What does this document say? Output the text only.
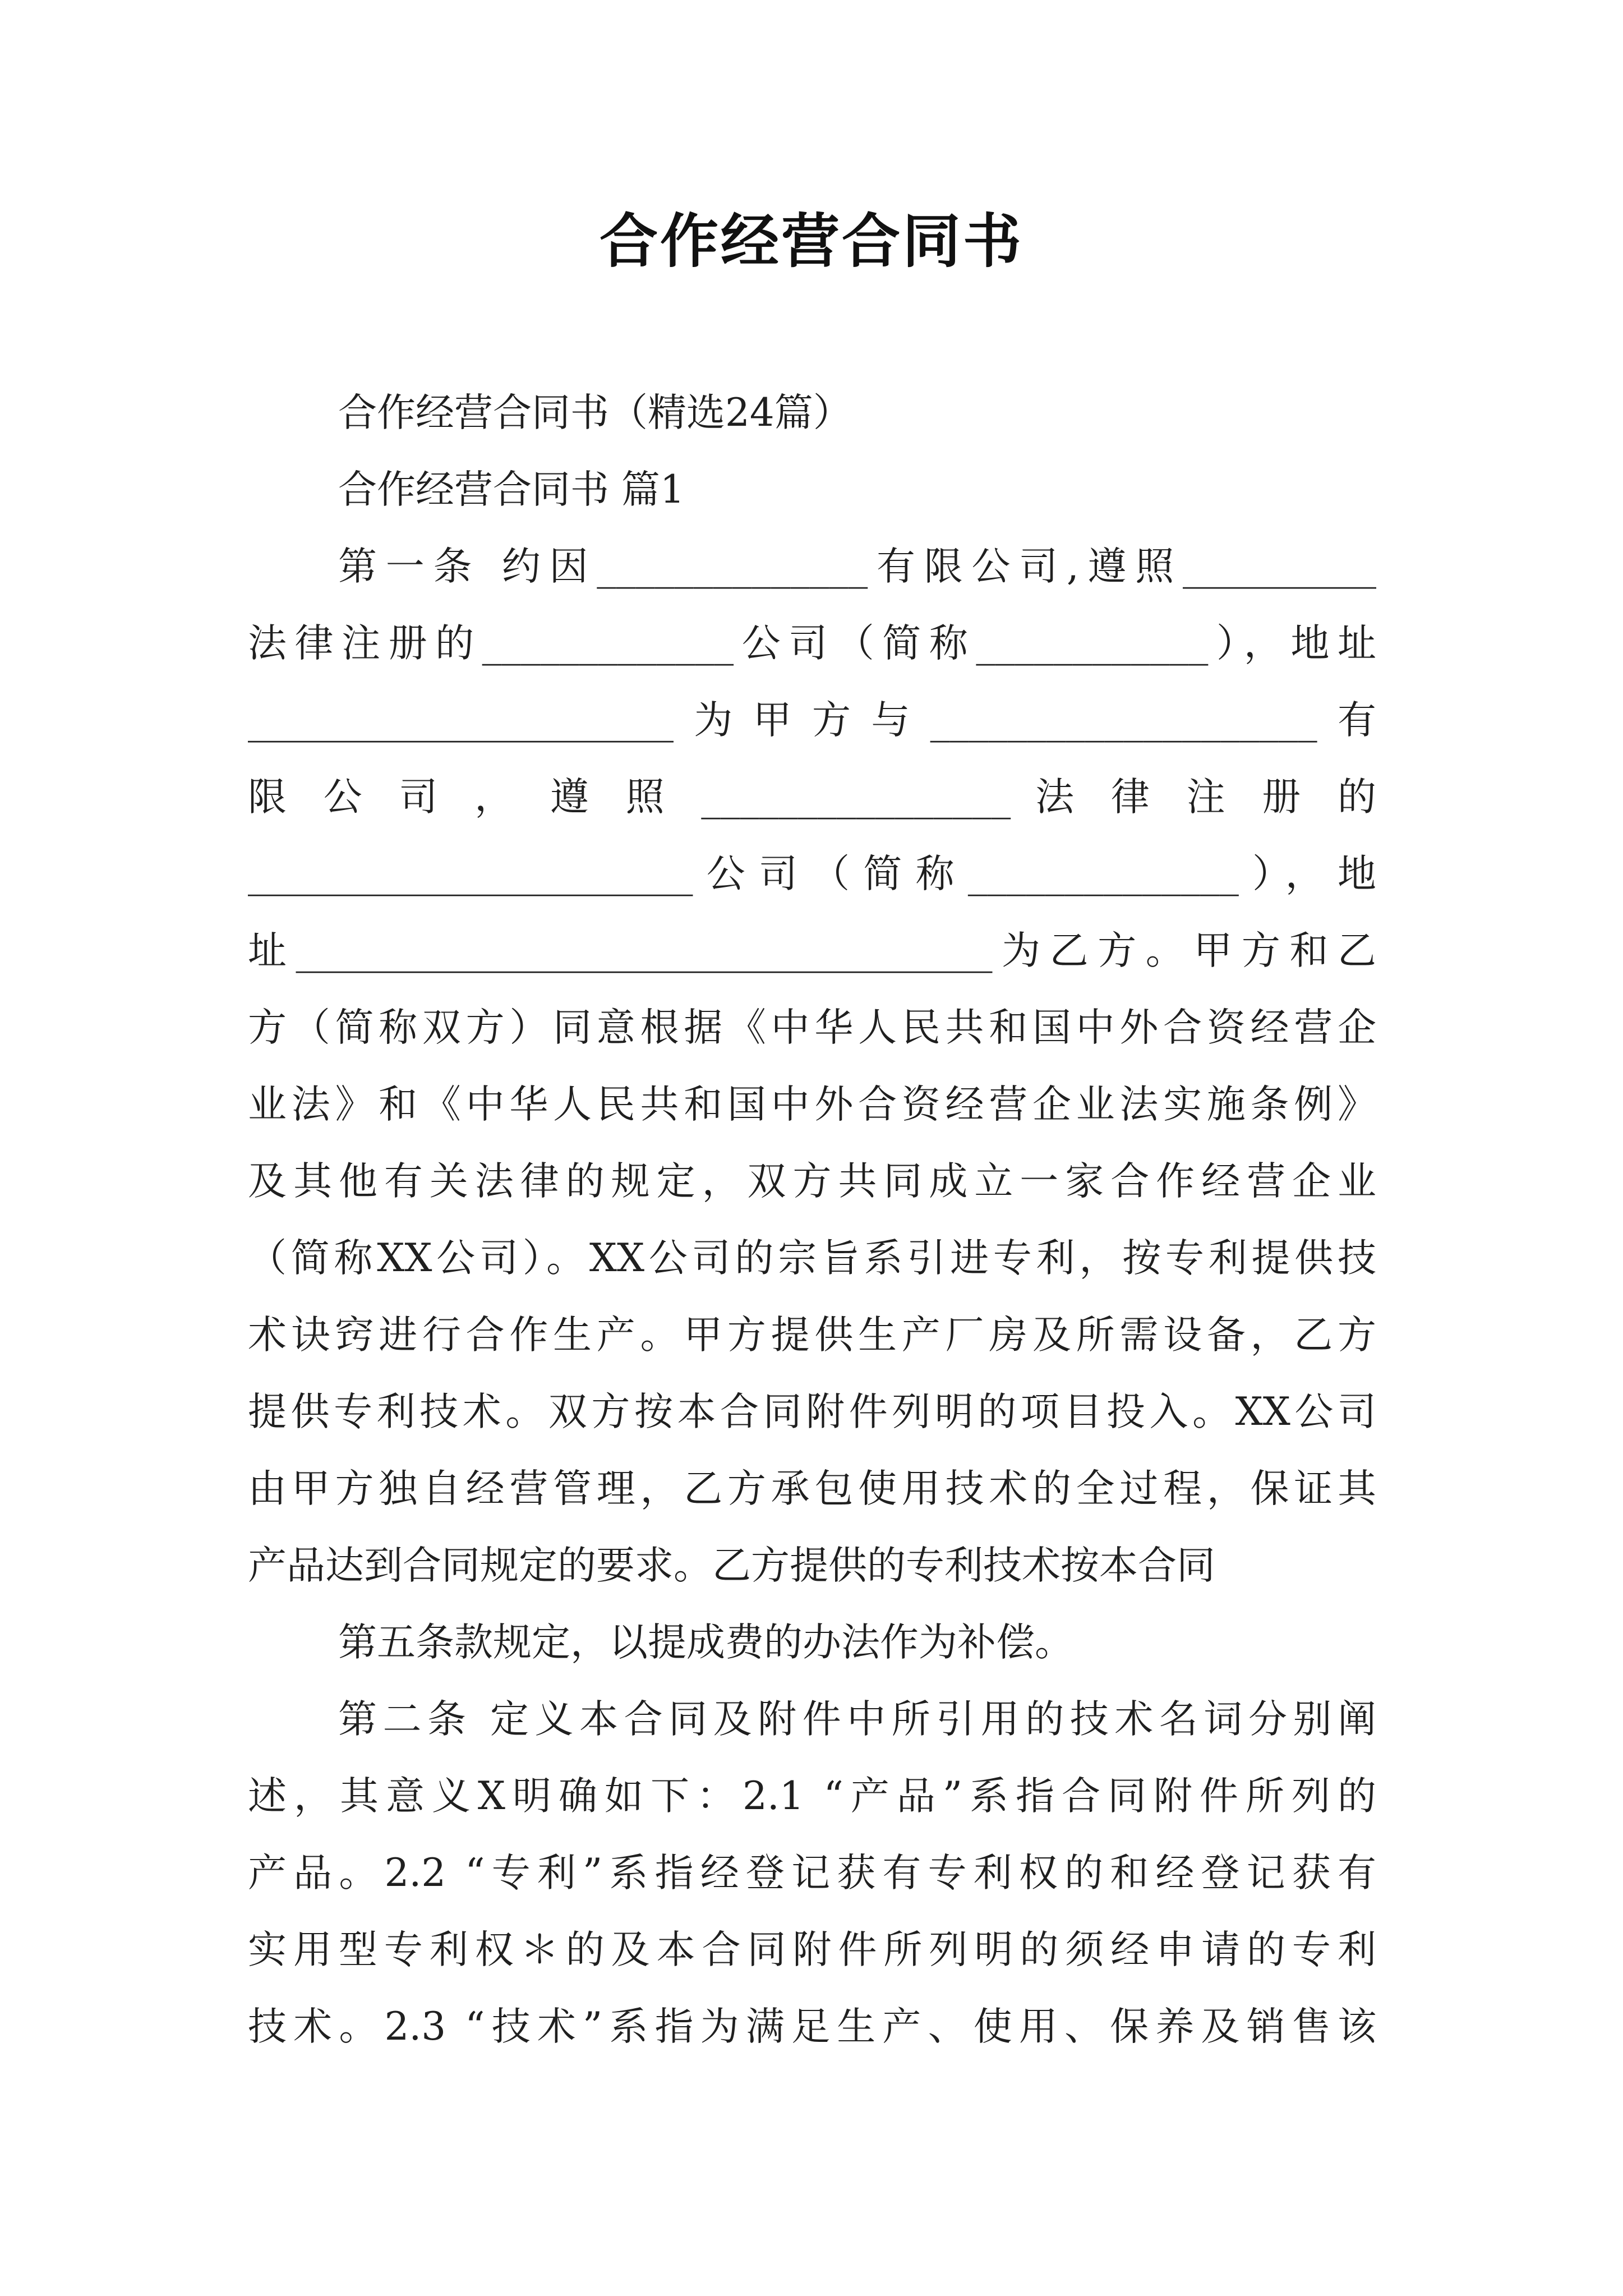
合作经营合同书
合作经营合同书（精选24篇）
合作经营合同书 篇1
第一条 约因______________有限公司,遵照__________
法律注册的_____________公司（简称____________），地址
______________________为甲方与____________________有
限 公 司 ， 遵 照 ________________ 法 律 注 册 的
_______________________公司（简称______________），地
址____________________________________为乙方。甲方和乙
方（简称双方）同意根据《中华人民共和国中外合资经营企
业法》和《中华人民共和国中外合资经营企业法实施条例》
及其他有关法律的规定，双方共同成立一家合作经营企业
（简称XX公司）。XX公司的宗旨系引进专利，按专利提供技
术诀窍进行合作生产。甲方提供生产厂房及所需设备，乙方
提供专利技术。双方按本合同附件列明的项目投入。XX公司
由甲方独自经营管理，乙方承包使用技术的全过程，保证其
产品达到合同规定的要求。乙方提供的专利技术按本合同
第五条款规定，以提成费的办法作为补偿。
第二条 定义本合同及附件中所引用的技术名词分别阐
述，其意义X明确如下：2.1 “产品”系指合同附件所列的
产品。2.2 “专利”系指经登记获有专利权的和经登记获有
实用型专利权＊的及本合同附件所列明的须经申请的专利
技术。2.3 “技术”系指为满足生产、使用、保养及销售该
